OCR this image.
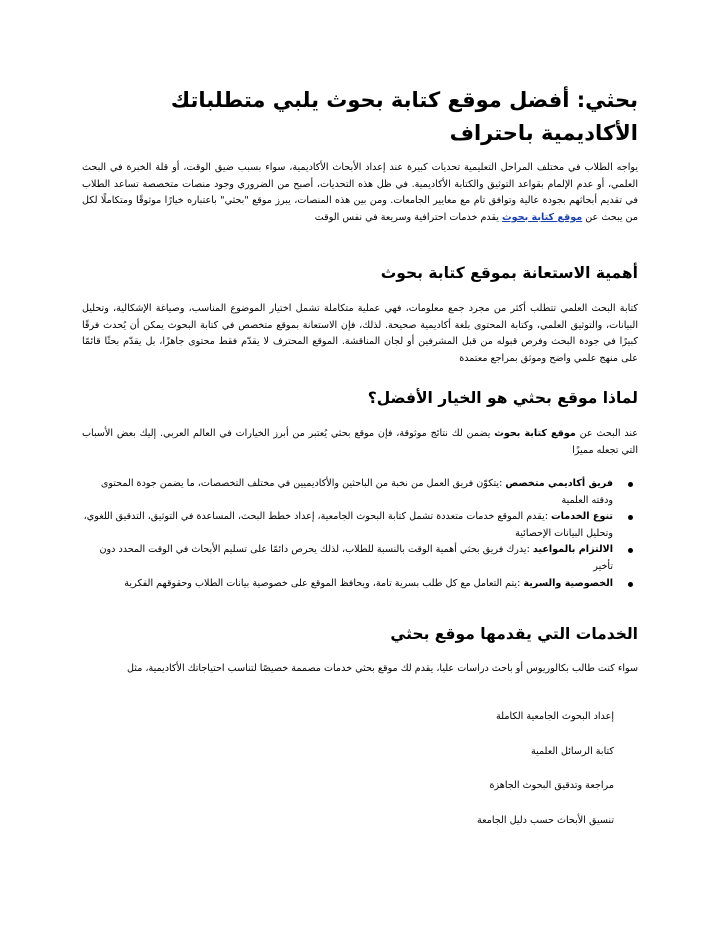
بحثي: أفضل موقع كتابة بحوث يلبي متطلباتك الأكاديمية باحتراف

يواجه الطلاب في مختلف المراحل التعليمية تحديات كبيرة عند إعداد الأبحاث الأكاديمية، سواء بسبب ضيق الوقت، أو قلة الخبرة في البحث العلمي، أو عدم الإلمام بقواعد التوثيق والكتابة الأكاديمية. في ظل هذه التحديات، أصبح من الضروري وجود منصات متخصصة تساعد الطلاب في تقديم أبحاثهم بجودة عالية وتوافق تام مع معايير الجامعات. ومن بين هذه المنصات، يبرز موقع "بحثي" باعتباره خيارًا موثوقًا ومتكاملًا لكل من يبحث عن موقع كتابة بحوث يقدم خدمات احترافية وسريعة في نفس الوقت

أهمية الاستعانة بموقع كتابة بحوث

كتابة البحث العلمي تتطلب أكثر من مجرد جمع معلومات، فهي عملية متكاملة تشمل اختيار الموضوع المناسب، وصياغة الإشكالية، وتحليل البيانات، والتوثيق العلمي، وكتابة المحتوى بلغة أكاديمية صحيحة. لذلك، فإن الاستعانة بموقع متخصص في كتابة البحوث يمكن أن يُحدث فرقًا كبيرًا في جودة البحث وفرص قبوله من قبل المشرفين أو لجان المناقشة. الموقع المحترف لا يقدّم فقط محتوى جاهزًا، بل يقدّم بحثًا قائمًا على منهج علمي واضح وموثق بمراجع معتمدة

لماذا موقع بحثي هو الخيار الأفضل؟

عند البحث عن موقع كتابة بحوث يضمن لك نتائج موثوقة، فإن موقع بحثي يُعتبر من أبرز الخيارات في العالم العربي. إليك بعض الأسباب التي تجعله مميزًا

فريق أكاديمي متخصص :يتكوّن فريق العمل من نخبة من الباحثين والأكاديميين في مختلف التخصصات، ما يضمن جودة المحتوى ودقته العلمية
تنوع الخدمات :يقدم الموقع خدمات متعددة تشمل كتابة البحوث الجامعية، إعداد خطط البحث، المساعدة في التوثيق، التدقيق اللغوي، وتحليل البيانات الإحصائية
الالتزام بالمواعيد :يدرك فريق بحثي أهمية الوقت بالنسبة للطلاب، لذلك يحرص دائمًا على تسليم الأبحاث في الوقت المحدد دون تأخير
الخصوصية والسرية :يتم التعامل مع كل طلب بسرية تامة، ويحافظ الموقع على خصوصية بيانات الطلاب وحقوقهم الفكرية
الخدمات التي يقدمها موقع بحثي

سواء كنت طالب بكالوريوس أو باحث دراسات عليا، يقدم لك موقع بحثي خدمات مصممة خصيصًا لتناسب احتياجاتك الأكاديمية، مثل

إعداد البحوث الجامعية الكاملة
كتابة الرسائل العلمية
مراجعة وتدقيق البحوث الجاهزة
تنسيق الأبحاث حسب دليل الجامعة
